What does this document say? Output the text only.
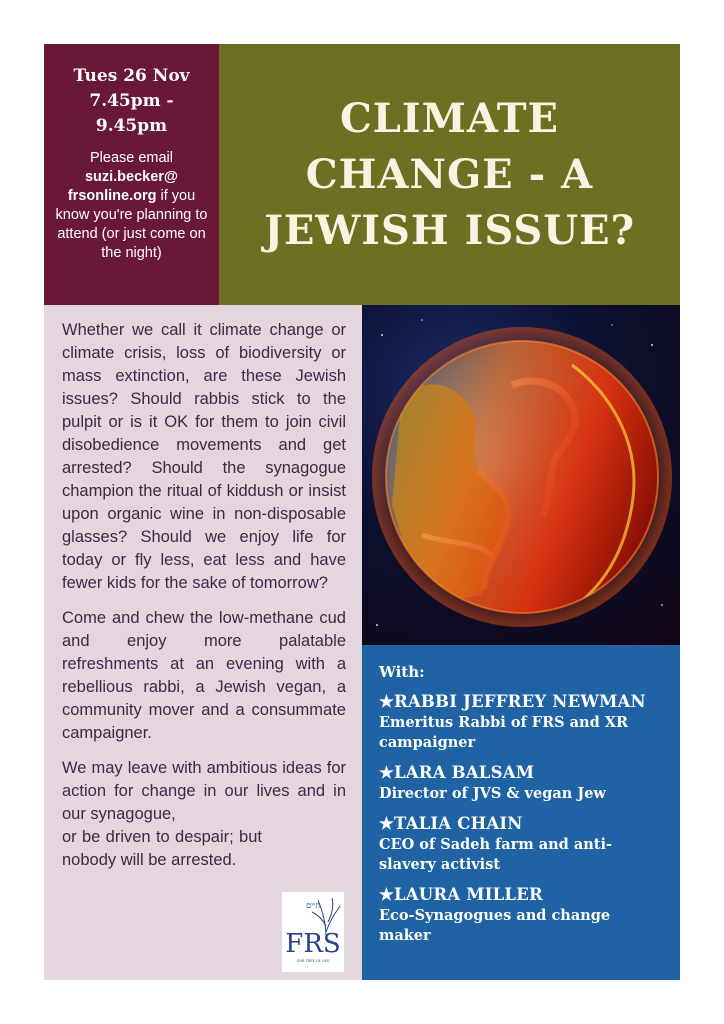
Tues 26 Nov
7.45pm -
9.45pm
Please email
suzi.becker@
frsonline.org if you know you're planning to attend (or just come on the night)
CLIMATE
CHANGE - A
JEWISH ISSUE?

Whether we call it climate change or climate crisis, loss of biodiversity or mass extinction, are these Jewish issues? Should rabbis stick to the pulpit or is it OK for them to join civil disobedience movements and get arrested? Should the synagogue champion the ritual of kiddush or insist upon organic wine in non-disposable glasses? Should we enjoy life for today or fly less, eat less and have fewer kids for the sake of tomorrow?

Come and chew the low-methane cud and enjoy more palatable refreshments at an evening with a rebellious rabbi, a Jewish vegan, a community mover and a consummate campaigner.

We may leave with ambitious ideas for action for change in our lives and in our synagogue,

or be driven to despair; but nobody will be arrested.

חיים
FRS
OUR TREE OF LIFE
With:
★RABBI JEFFREY NEWMAN
Emeritus Rabbi of FRS and XR campaigner
★LARA BALSAM
Director of JVS & vegan Jew
★TALIA CHAIN
CEO of Sadeh farm and anti-slavery activist
★LAURA MILLER
Eco-Synagogues and change maker
